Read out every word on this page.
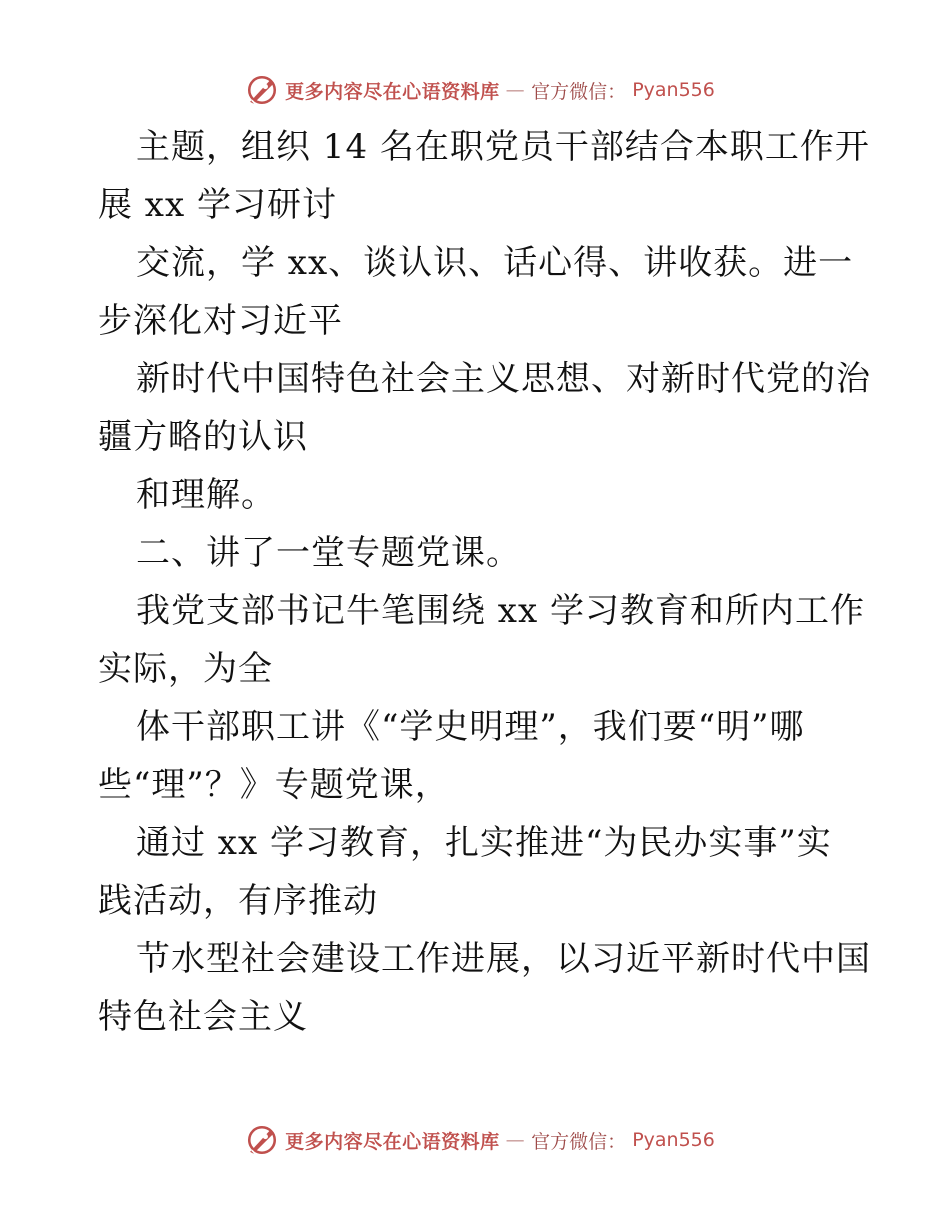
更多内容尽在心语资料库 — 官方微信： Pyan556
主题，组织 14 名在职党员干部结合本职工作开
展 xx 学习研讨
交流，学 xx、谈认识、话心得、讲收获。进一
步深化对习近平
新时代中国特色社会主义思想、对新时代党的治
疆方略的认识
和理解。
二、讲了一堂专题党课。
我党支部书记牛笔围绕 xx 学习教育和所内工作
实际，为全
体干部职工讲《“学史明理”，我们要“明”哪
些“理”？》专题党课，
通过 xx 学习教育，扎实推进“为民办实事”实
践活动，有序推动
节水型社会建设工作进展，以习近平新时代中国
特色社会主义
更多内容尽在心语资料库 — 官方微信： Pyan556
